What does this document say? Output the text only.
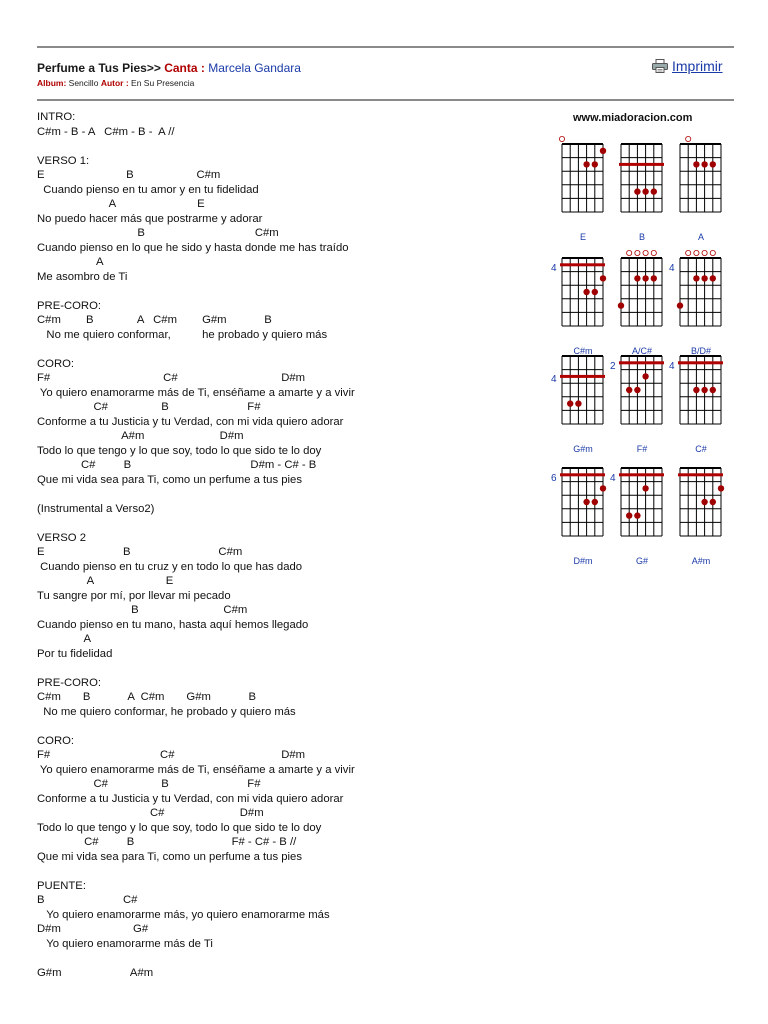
Perfume a Tus Pies>> Canta : Marcela Gandara
Album: Sencillo Autor : En Su Presencia
Imprimir
INTRO:
C#m - B - A   C#m - B -  A //
VERSO 1:
E                          B                    C#m
Cuando pienso en tu amor y en tu fidelidad
A                          E
No puedo hacer más que postrarme y adorar
B                                   C#m
Cuando pienso en lo que he sido y hasta donde me has traído
A
Me asombro de Ti
PRE-CORO:
C#m        B              A   C#m        G#m            B
No me quiero conformar,          he probado y quiero más
CORO:
F#                                    C#                                 D#m
Yo quiero enamorarme más de Ti, enséñame a amarte y a vivir
C#                 B                         F#
Conforme a tu Justicia y tu Verdad, con mi vida quiero adorar
A#m                        D#m
Todo lo que tengo y lo que soy, todo lo que sido te lo doy
C#         B                                      D#m - C# - B
Que mi vida sea para Ti, como un perfume a tus pies
(Instrumental a Verso2)
VERSO 2
E                         B                            C#m
Cuando pienso en tu cruz y en todo lo que has dado
A                       E
Tu sangre por mí, por llevar mi pecado
B                           C#m
Cuando pienso en tu mano, hasta aquí hemos llegado
A
Por tu fidelidad
PRE-CORO:
C#m       B            A  C#m       G#m            B
No me quiero conformar, he probado y quiero más
CORO:
F#                                   C#                                  D#m
Yo quiero enamorarme más de Ti, enséñame a amarte y a vivir
C#                 B                         F#
Conforme a tu Justicia y tu Verdad, con mi vida quiero adorar
C#                        D#m
Todo lo que tengo y lo que soy, todo lo que sido te lo doy
C#         B                               F# - C# - B //
Que mi vida sea para Ti, como un perfume a tus pies
PUENTE:
B                         C#
Yo quiero enamorarme más, yo quiero enamorarme más
D#m                       G#
Yo quiero enamorarme más de Ti
G#m                      A#m
www.miadoracion.com
E	B	A
4
C#m	A/C#
4
B/D#
4
G#m
2
F#
4
C#
6
D#m
4
G#	A#m
